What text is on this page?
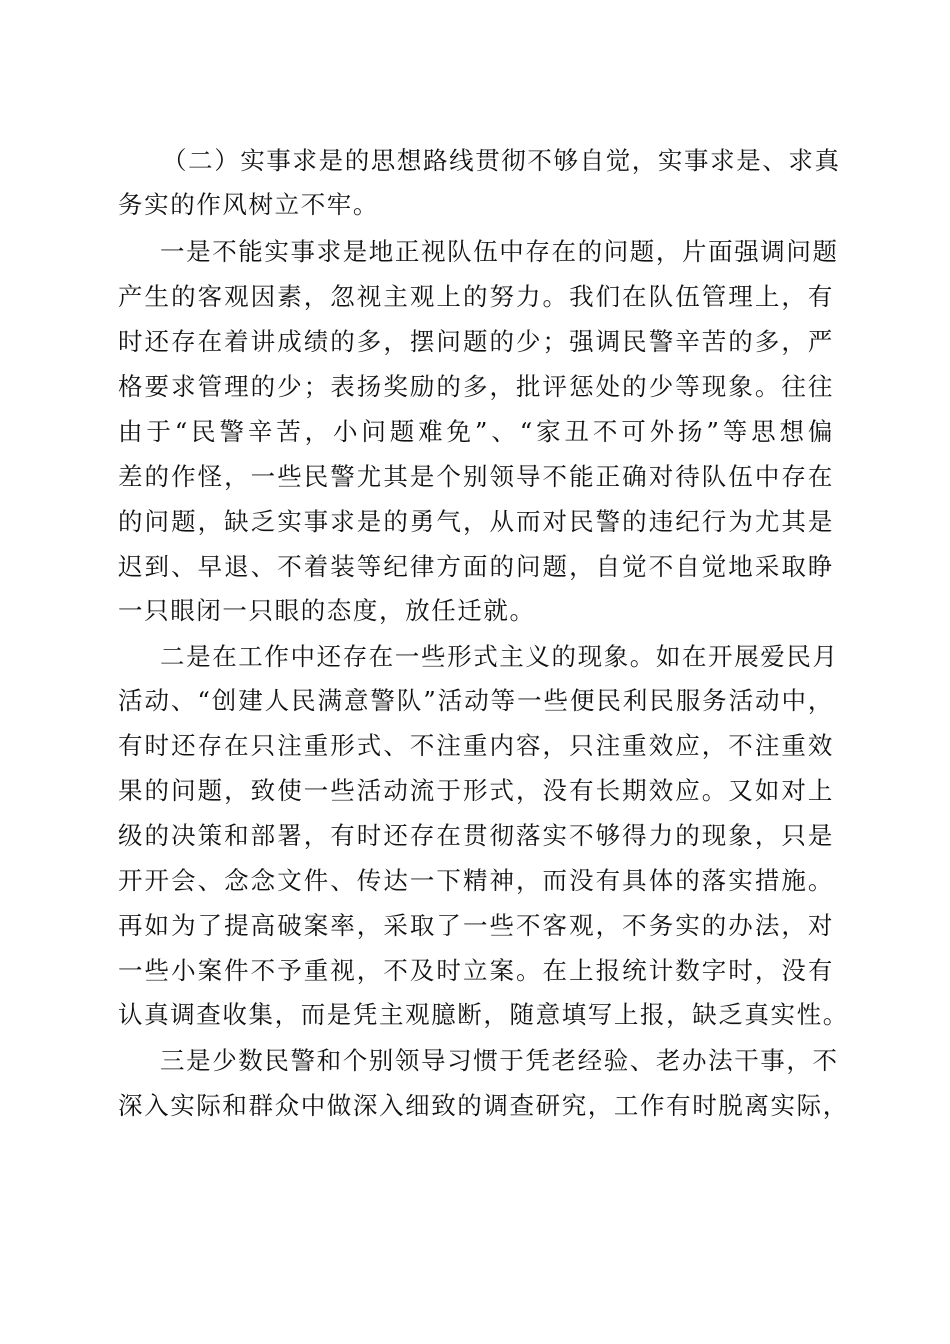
（二）实事求是的思想路线贯彻不够自觉，实事求是、求真
务实的作风树立不牢。
一是不能实事求是地正视队伍中存在的问题，片面强调问题
产生的客观因素，忽视主观上的努力。我们在队伍管理上，有
时还存在着讲成绩的多，摆问题的少；强调民警辛苦的多，严
格要求管理的少；表扬奖励的多，批评惩处的少等现象。往往
由于“民警辛苦，小问题难免”、“家丑不可外扬”等思想偏
差的作怪，一些民警尤其是个别领导不能正确对待队伍中存在
的问题，缺乏实事求是的勇气，从而对民警的违纪行为尤其是
迟到、早退、不着装等纪律方面的问题，自觉不自觉地采取睁
一只眼闭一只眼的态度，放任迁就。
二是在工作中还存在一些形式主义的现象。如在开展爱民月
活动、“创建人民满意警队”活动等一些便民利民服务活动中，
有时还存在只注重形式、不注重内容，只注重效应，不注重效
果的问题，致使一些活动流于形式，没有长期效应。又如对上
级的决策和部署，有时还存在贯彻落实不够得力的现象，只是
开开会、念念文件、传达一下精神，而没有具体的落实措施。
再如为了提高破案率，采取了一些不客观，不务实的办法，对
一些小案件不予重视，不及时立案。在上报统计数字时，没有
认真调查收集，而是凭主观臆断，随意填写上报，缺乏真实性。
三是少数民警和个别领导习惯于凭老经验、老办法干事，不
深入实际和群众中做深入细致的调查研究，工作有时脱离实际，
